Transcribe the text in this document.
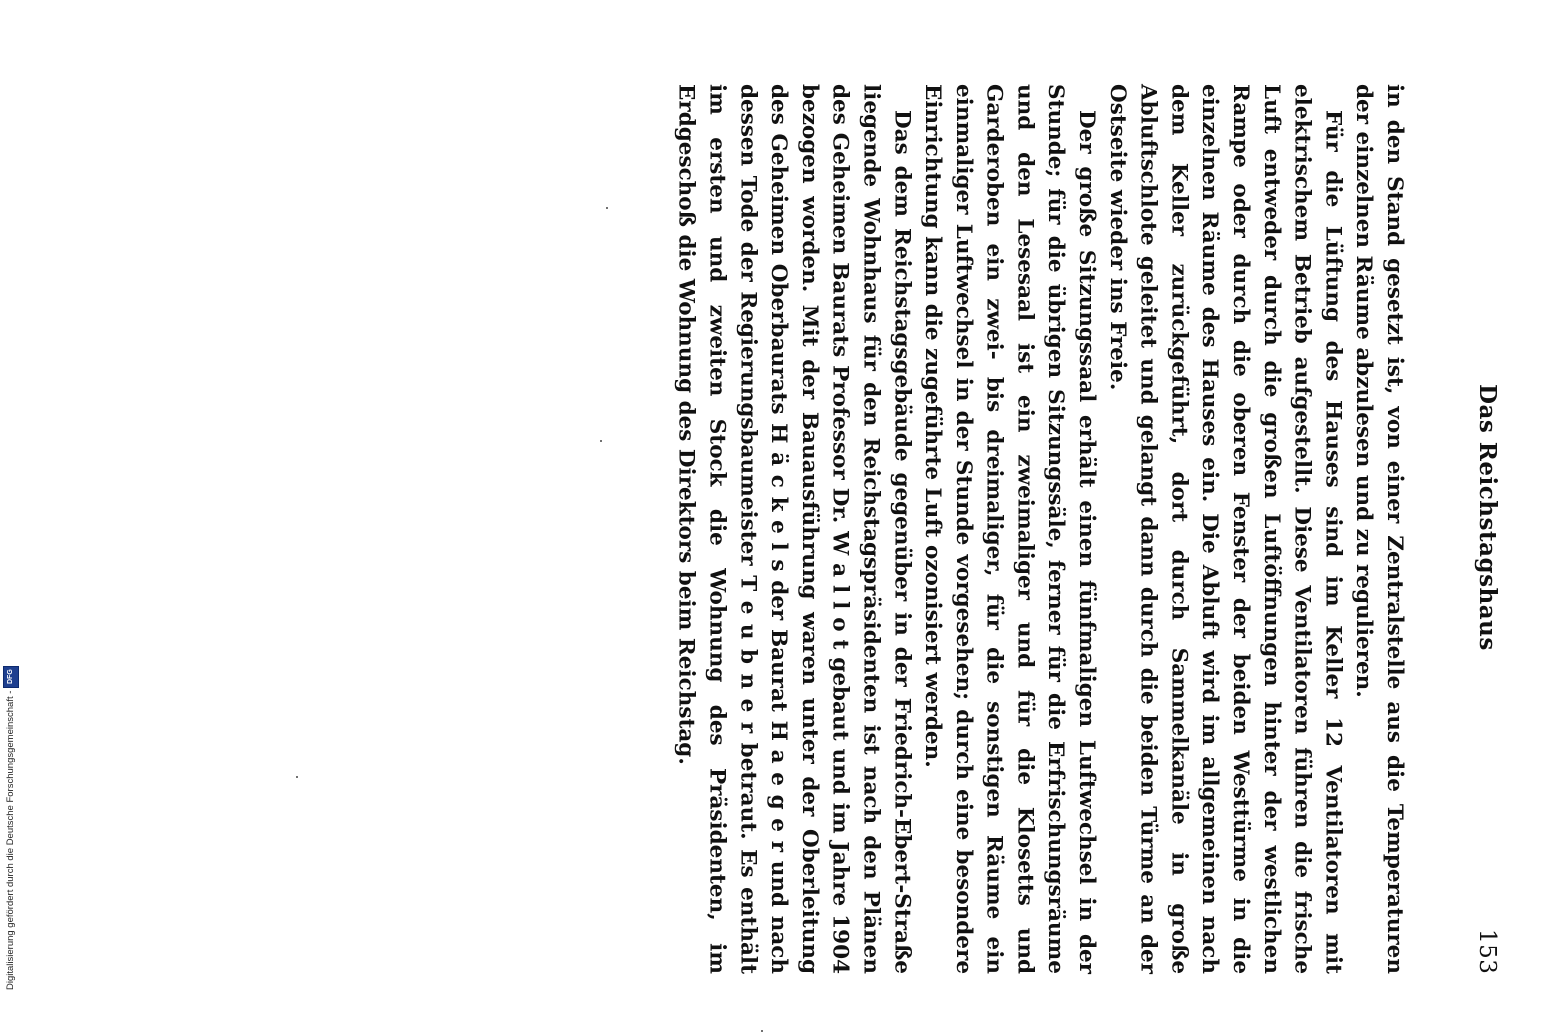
Das Reichstagshaus
153

in den Stand gesetzt ist, von einer Zentralstelle aus die Temperaturen der einzelnen Räume abzulesen und zu regulieren.

Für die Lüftung des Hauses sind im Keller 12 Ventilatoren mit elektrischem Betrieb aufgestellt. Diese Ventilatoren führen die frische Luft entweder durch die großen Luftöffnungen hinter der westlichen Rampe oder durch die oberen Fenster der beiden Westtürme in die einzelnen Räume des Hauses ein. Die Abluft wird im allgemeinen nach dem Keller zurückgeführt, dort durch Sammelkanäle in große Abluftschlote geleitet und gelangt dann durch die beiden Türme an der Ostseite wieder ins Freie.

Der große Sitzungssaal erhält einen fünfmaligen Luftwechsel in der Stunde; für die übrigen Sitzungssäle, ferner für die Erfrischungsräume und den Lesesaal ist ein zweimaliger und für die Klosetts und Garderoben ein zwei- bis dreimaliger, für die sonstigen Räume ein einmaliger Luftwechsel in der Stunde vorgesehen; durch eine besondere Einrichtung kann die zugeführte Luft ozonisiert werden.

Das dem Reichstagsgebäude gegenüber in der Friedrich-Ebert-Straße liegende Wohnhaus für den Reichstagspräsidenten ist nach den Plänen des Geheimen Baurats Professor Dr. W a l l o t gebaut und im Jahre 1904 bezogen worden. Mit der Bauausführung waren unter der Oberleitung des Geheimen Oberbaurats H ä c k e l s der Baurat H a e g e r und nach dessen Tode der Regierungsbaumeister T e u b n e r betraut. Es enthält im ersten und zweiten Stock die Wohnung des Präsidenten, im Erdgeschoß die Wohnung des Direktors beim Reichstag.

Digitalisierung gefördert durch die Deutsche Forschungsgemeinschaft -
DFG
